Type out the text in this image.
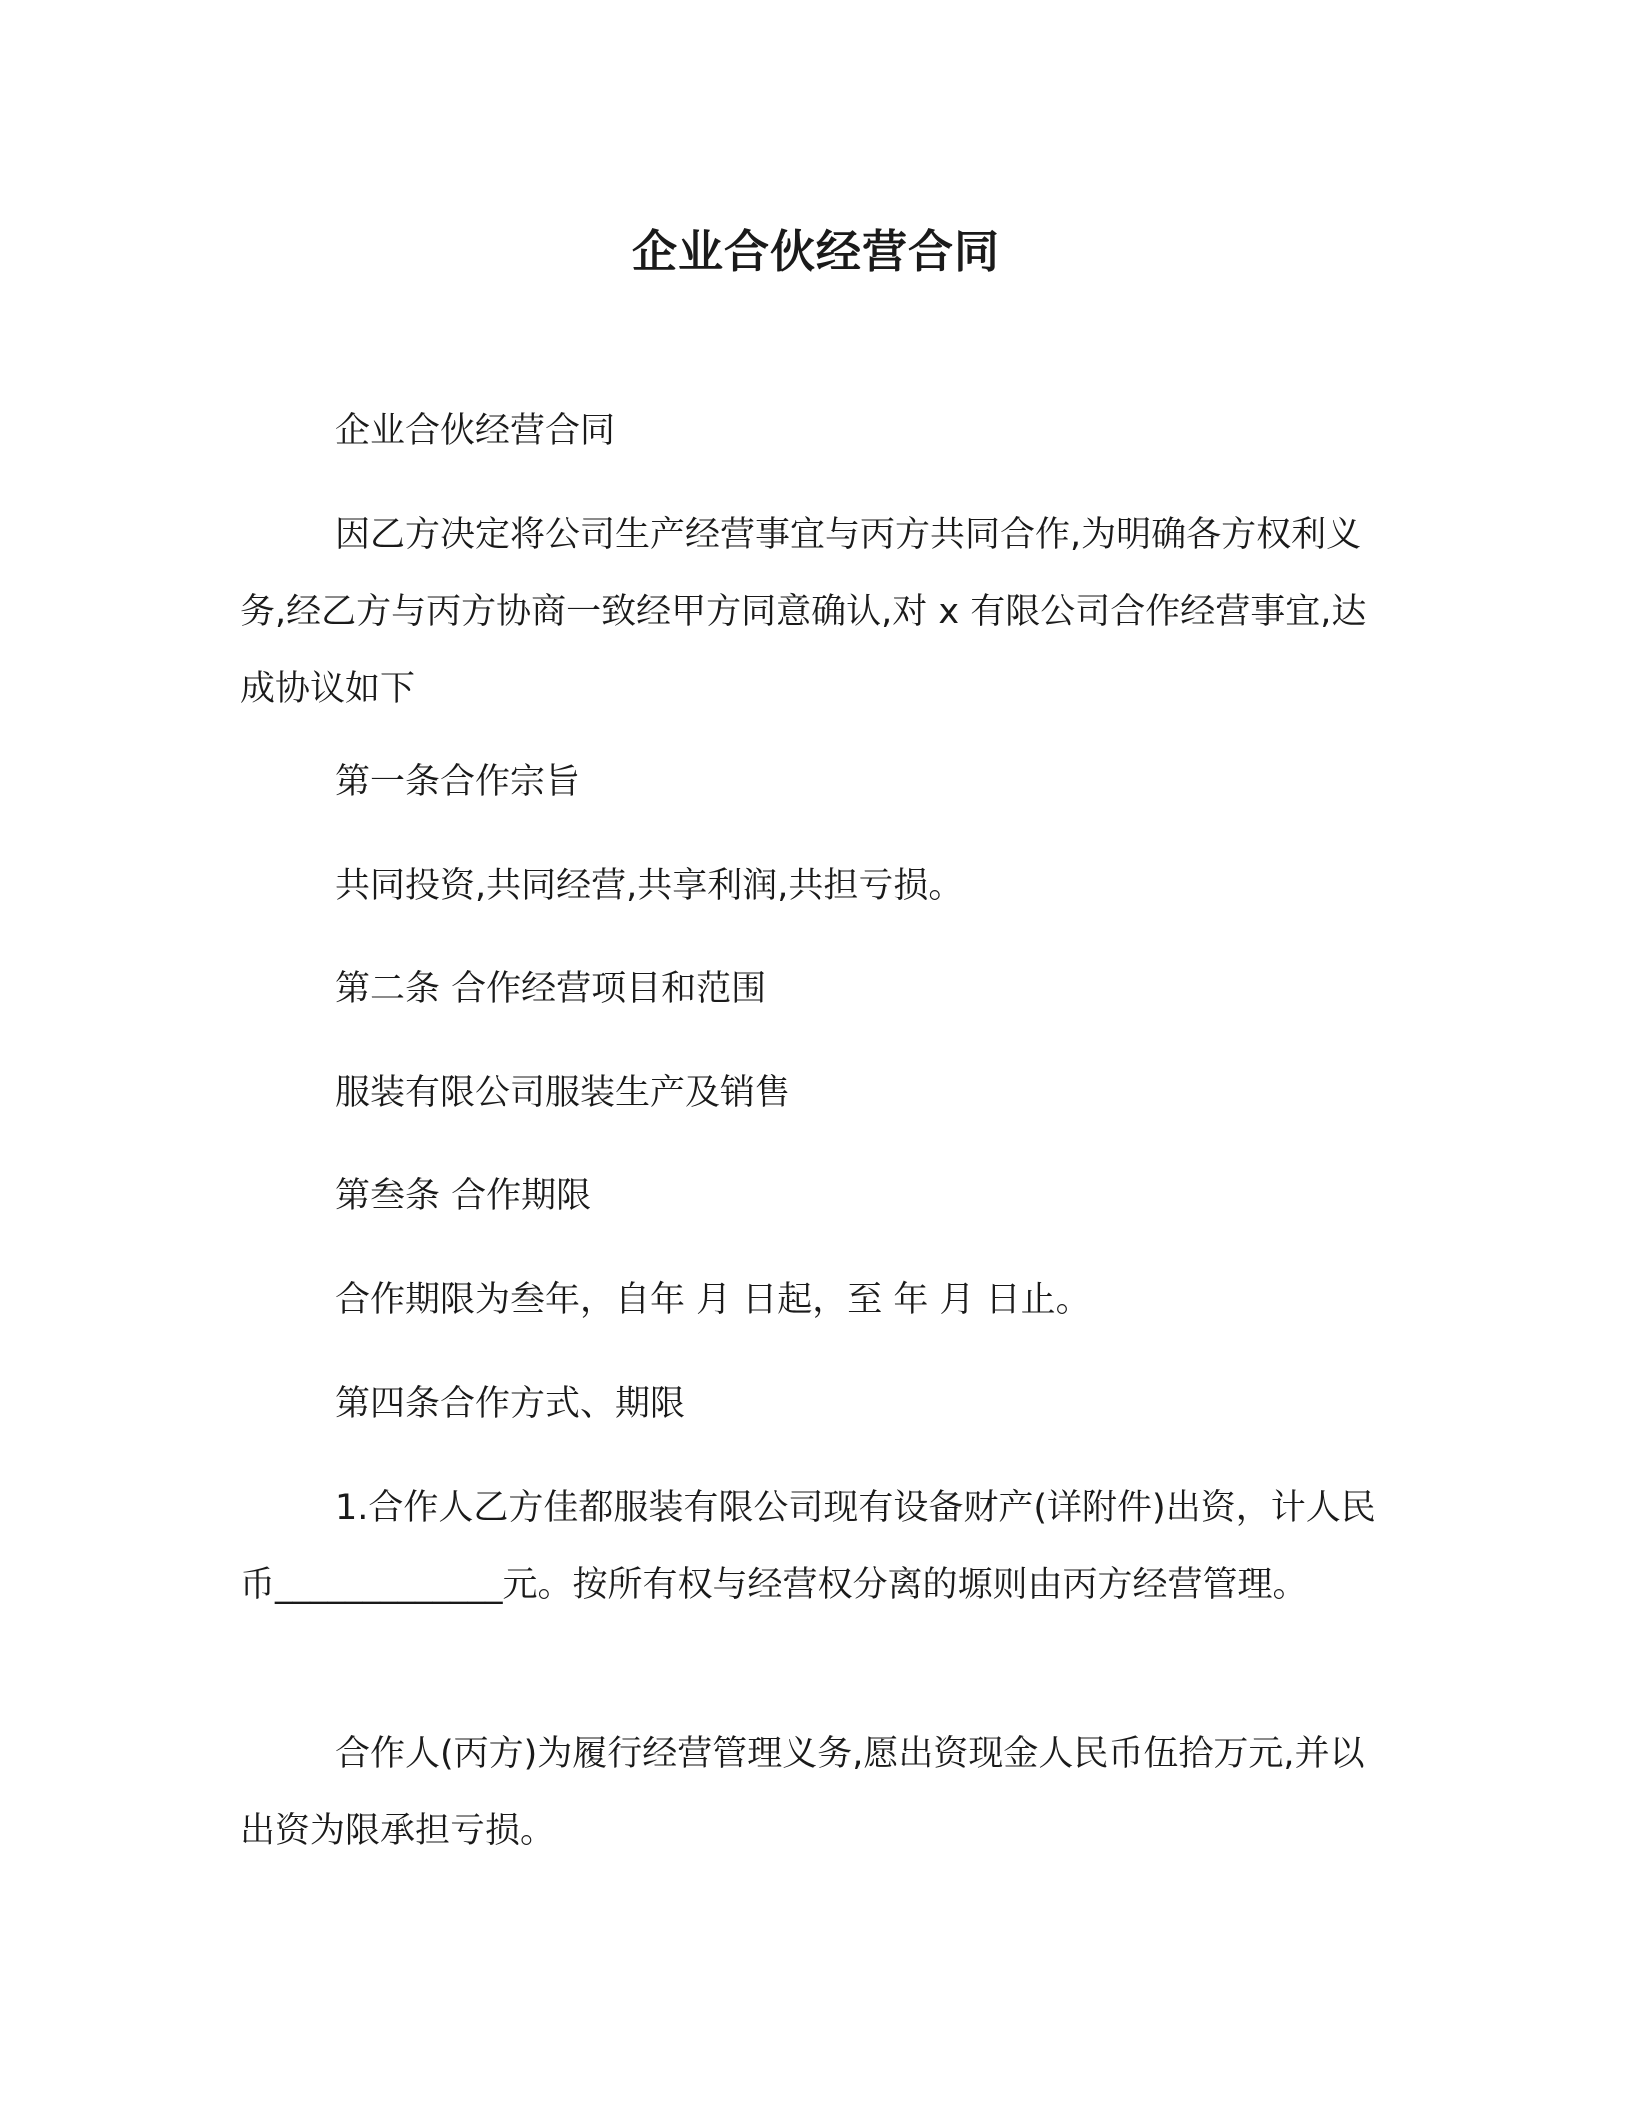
企业合伙经营合同

企业合伙经营合同

因乙方决定将公司生产经营事宜与丙方共同合作,为明确各方权利义务,经乙方与丙方协商一致经甲方同意确认,对 x 有限公司合作经营事宜,达成协议如下

第一条合作宗旨

共同投资,共同经营,共享利润,共担亏损。

第二条 合作经营项目和范围

服装有限公司服装生产及销售

第叁条 合作期限

合作期限为叁年，自年 月 日起，至 年 月 日止。

第四条合作方式、期限

1.合作人乙方佳都服装有限公司现有设备财产(详附件)出资，计人民币_____________元。按所有权与经营权分离的塬则由丙方经营管理。

合作人(丙方)为履行经营管理义务,愿出资现金人民币伍拾万元,并以出资为限承担亏损。
